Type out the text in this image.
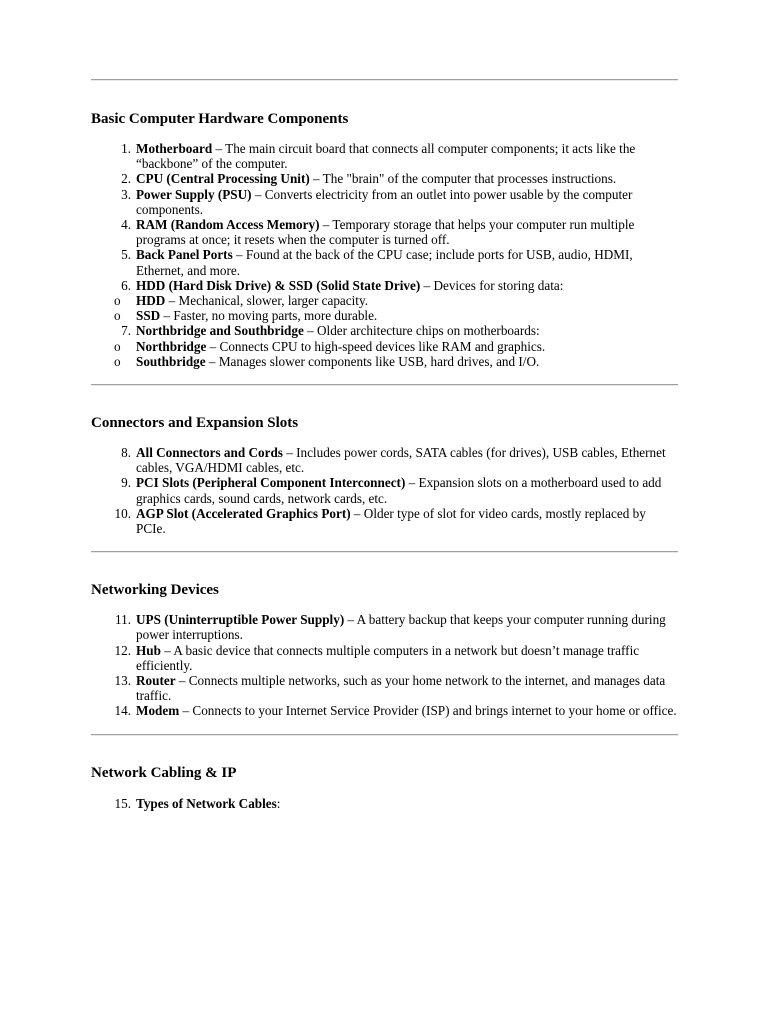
Basic Computer Hardware Components
1. Motherboard – The main circuit board that connects all computer components; it acts like the “backbone” of the computer.
2. CPU (Central Processing Unit) – The "brain" of the computer that processes instructions.
3. Power Supply (PSU) – Converts electricity from an outlet into power usable by the computer components.
4. RAM (Random Access Memory) – Temporary storage that helps your computer run multiple programs at once; it resets when the computer is turned off.
5. Back Panel Ports – Found at the back of the CPU case; include ports for USB, audio, HDMI, Ethernet, and more.
6. HDD (Hard Disk Drive) & SSD (Solid State Drive) – Devices for storing data:
o HDD – Mechanical, slower, larger capacity.
o SSD – Faster, no moving parts, more durable.
7. Northbridge and Southbridge – Older architecture chips on motherboards:
o Northbridge – Connects CPU to high-speed devices like RAM and graphics.
o Southbridge – Manages slower components like USB, hard drives, and I/O.
Connectors and Expansion Slots
8. All Connectors and Cords – Includes power cords, SATA cables (for drives), USB cables, Ethernet cables, VGA/HDMI cables, etc.
9. PCI Slots (Peripheral Component Interconnect) – Expansion slots on a motherboard used to add graphics cards, sound cards, network cards, etc.
10. AGP Slot (Accelerated Graphics Port) – Older type of slot for video cards, mostly replaced by PCIe.
Networking Devices
11. UPS (Uninterruptible Power Supply) – A battery backup that keeps your computer running during power interruptions.
12. Hub – A basic device that connects multiple computers in a network but doesn’t manage traffic efficiently.
13. Router – Connects multiple networks, such as your home network to the internet, and manages data traffic.
14. Modem – Connects to your Internet Service Provider (ISP) and brings internet to your home or office.
Network Cabling & IP
15. Types of Network Cables:
